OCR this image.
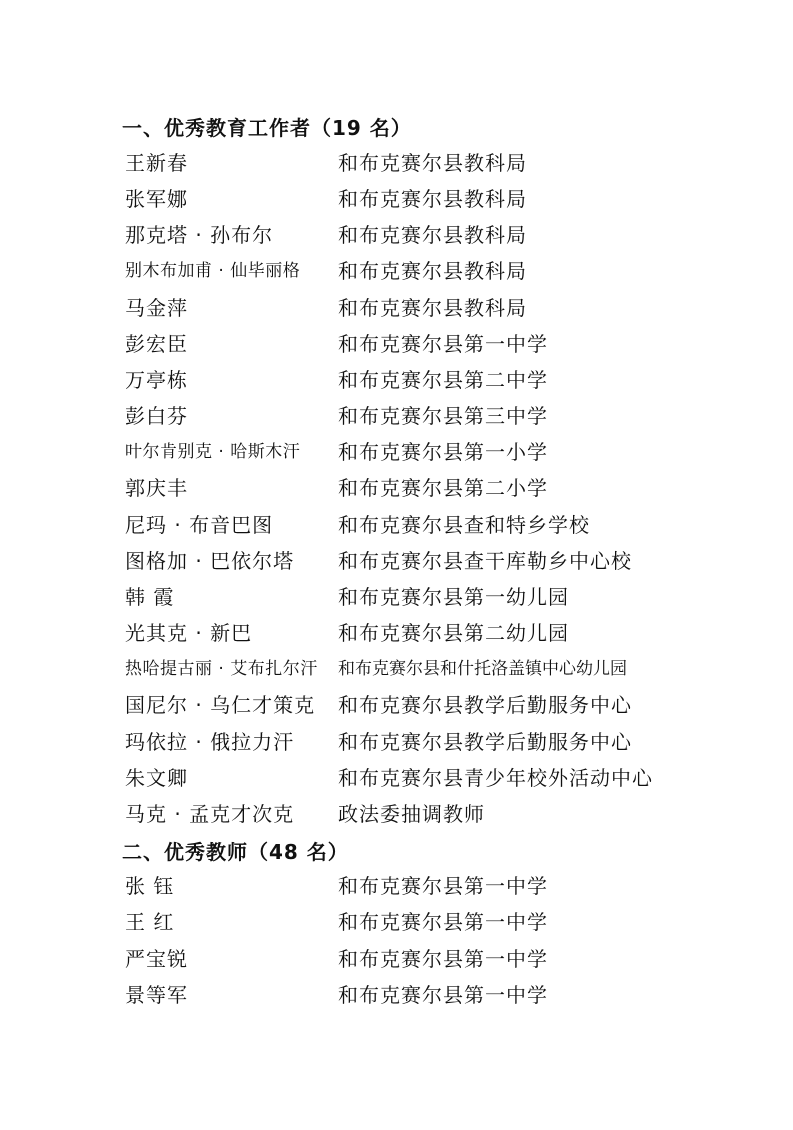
一、优秀教育工作者（19 名）
王新春	和布克赛尔县教科局
张军娜	和布克赛尔县教科局
那克塔 · 孙布尔	和布克赛尔县教科局
别木布加甫 · 仙毕丽格 和布克赛尔县教科局
马金萍	和布克赛尔县教科局
彭宏臣	和布克赛尔县第一中学
万亭栋	和布克赛尔县第二中学
彭白芬	和布克赛尔县第三中学
叶尔肯别克 · 哈斯木汗 和布克赛尔县第一小学
郭庆丰	和布克赛尔县第二小学
尼玛 · 布音巴图	和布克赛尔县查和特乡学校
图格加 · 巴依尔塔 和布克赛尔县查干库勒乡中心校
韩 霞	和布克赛尔县第一幼儿园
光其克 · 新巴	和布克赛尔县第二幼儿园
热哈提古丽 · 艾布扎尔汗 和布克赛尔县和什托洛盖镇中心幼儿园
国尼尔 · 乌仁才策克 和布克赛尔县教学后勤服务中心
玛依拉 · 俄拉力汗 和布克赛尔县教学后勤服务中心
朱文卿	和布克赛尔县青少年校外活动中心
马克 · 孟克才次克 政法委抽调教师
二、优秀教师（48 名）
张 钰	和布克赛尔县第一中学
王 红	和布克赛尔县第一中学
严宝锐	和布克赛尔县第一中学
景等军	和布克赛尔县第一中学
